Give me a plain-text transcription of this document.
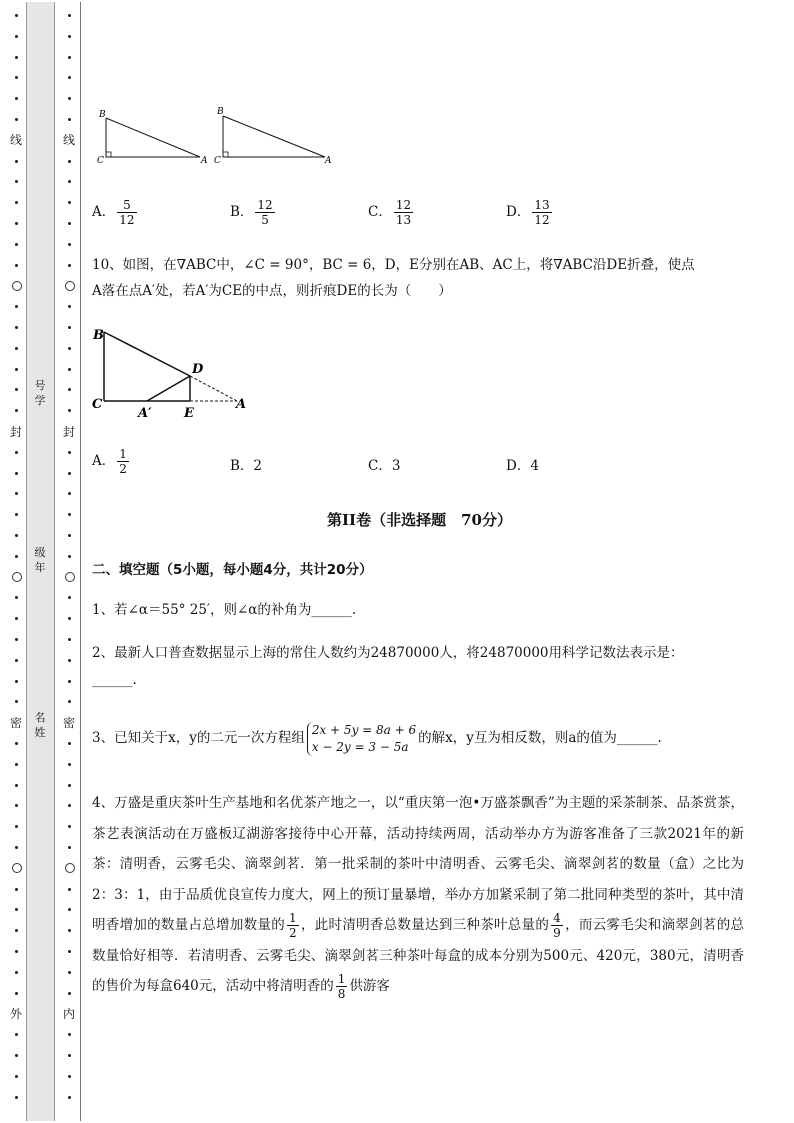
线
封
密
外
线
封
密
内
号学
级年
名姓
B
C	A
B
C	A
A． $\frac{5}{12}$	B． $\frac{12}{5}$	C． $\frac{12}{13}$	D． $\frac{13}{12}$
10、如图，在∇ABC中，∠C = 90°，BC = 6，D，E分别在AB、AC上，将∇ABC沿DE折叠，使点
A落在点A′处，若A′为CE的中点，则折痕DE的长为（　　）
B
C	A
D
E
A′
A． $\frac{1}{2}$	B．2	C．3	D．4
第II卷（非选择题　70分）
二、填空题（5小题，每小题4分，共计20分）
1、若∠α＝55° 25′，则∠α的补角为______.
2、最新人口普查数据显示上海的常住人数约为24870000人，将24870000用科学记数法表示是：
______.
3、已知关于x，y的二元一次方程组
2x + 5y = 8a + 6
x − 2y = 3 − 5a
的解x，y互为相反数，则a的值为______.
4、万盛是重庆茶叶生产基地和名优茶产地之一，以“重庆第一泡•万盛茶飘香”为主题的采茶制茶、品茶赏茶，茶艺表演活动在万盛板辽湖游客接待中心开幕，活动持续两周，活动举办方为游客准备了三款2021年的新茶：清明香，云雾毛尖、滴翠剑茗．第一批采制的茶叶中清明香、云雾毛尖、滴翠剑茗的数量（盒）之比为2：3：1，由于品质优良宣传力度大，网上的预订量暴增，举办方加紧采制了第二批同种类型的茶叶，其中清明香增加的数量占总增加数量的 $\frac{1}{2}$ ，此时清明香总数量达到三种茶叶总量的 $\frac{4}{9}$ ，而云雾毛尖和滴翠剑茗的总数量恰好相等．若清明香、云雾毛尖、滴翠剑茗三种茶叶每盒的成本分别为500元、420元，380元，清明香的售价为每盒640元，活动中将清明香的 $\frac{1}{8}$ 供游客
